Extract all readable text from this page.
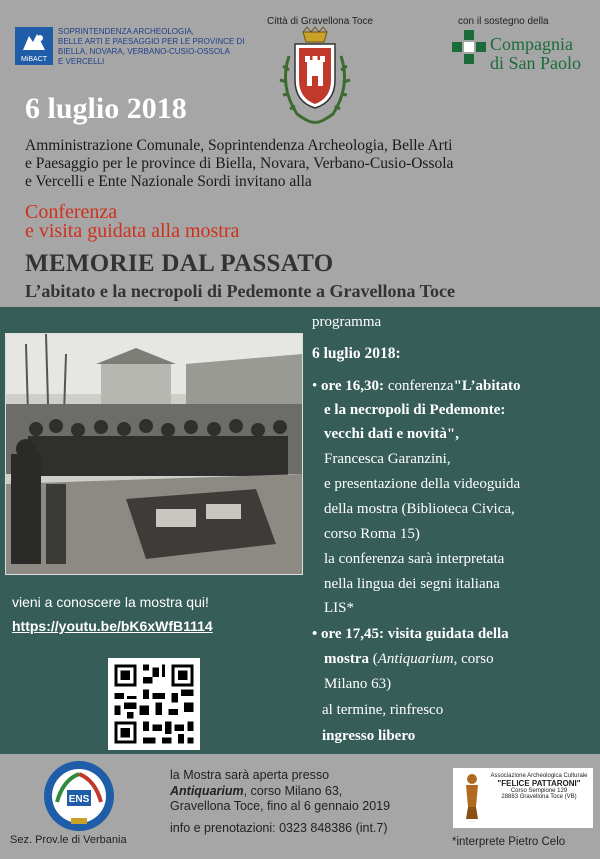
MiBACT
SOPRINTENDENZA ARCHEOLOGIA,
BELLE ARTI E PAESAGGIO PER LE PROVINCE DI
BIELLA, NOVARA, VERBANO-CUSIO-OSSOLA
E VERCELLI
Città di Gravellona Toce	con il sostegno della
Compagnia
di San Paolo
6 luglio 2018
Amministrazione Comunale, Soprintendenza Archeologia, Belle Arti
e Paesaggio per le province di Biella, Novara, Verbano-Cusio-Ossola
e Vercelli e Ente Nazionale Sordi invitano alla
Conferenza
e visita guidata alla mostra
MEMORIE DAL PASSATO
L’abitato e la necropoli di Pedemonte a Gravellona Toce
programma
6 luglio 2018:
• ore 16,30: conferenza"L’abitato
e la necropoli di Pedemonte:
vecchi dati e novità",
Francesca Garanzini,
e presentazione della videoguida
della mostra (Biblioteca Civica,
corso Roma 15)
la conferenza sarà interpretata
nella lingua dei segni italiana
LIS*
• ore 17,45: visita guidata della
mostra (Antiquarium, corso
Milano 63)
al termine, rinfresco
ingresso libero
vieni a conoscere la mostra qui!
https://youtu.be/bK6xWfB1114
ENS
Sez. Prov.le di Verbania
la Mostra sarà aperta presso
Antiquarium, corso Milano 63,
Gravellona Toce, fino al 6 gennaio 2019
info e prenotazioni: 0323 848386 (int.7)
Associazione Archeologica Culturale
"FELICE PATTARONI"
Corso Sempione 129
28883 Gravellona Toce (VB)
*interprete Pietro Celo
